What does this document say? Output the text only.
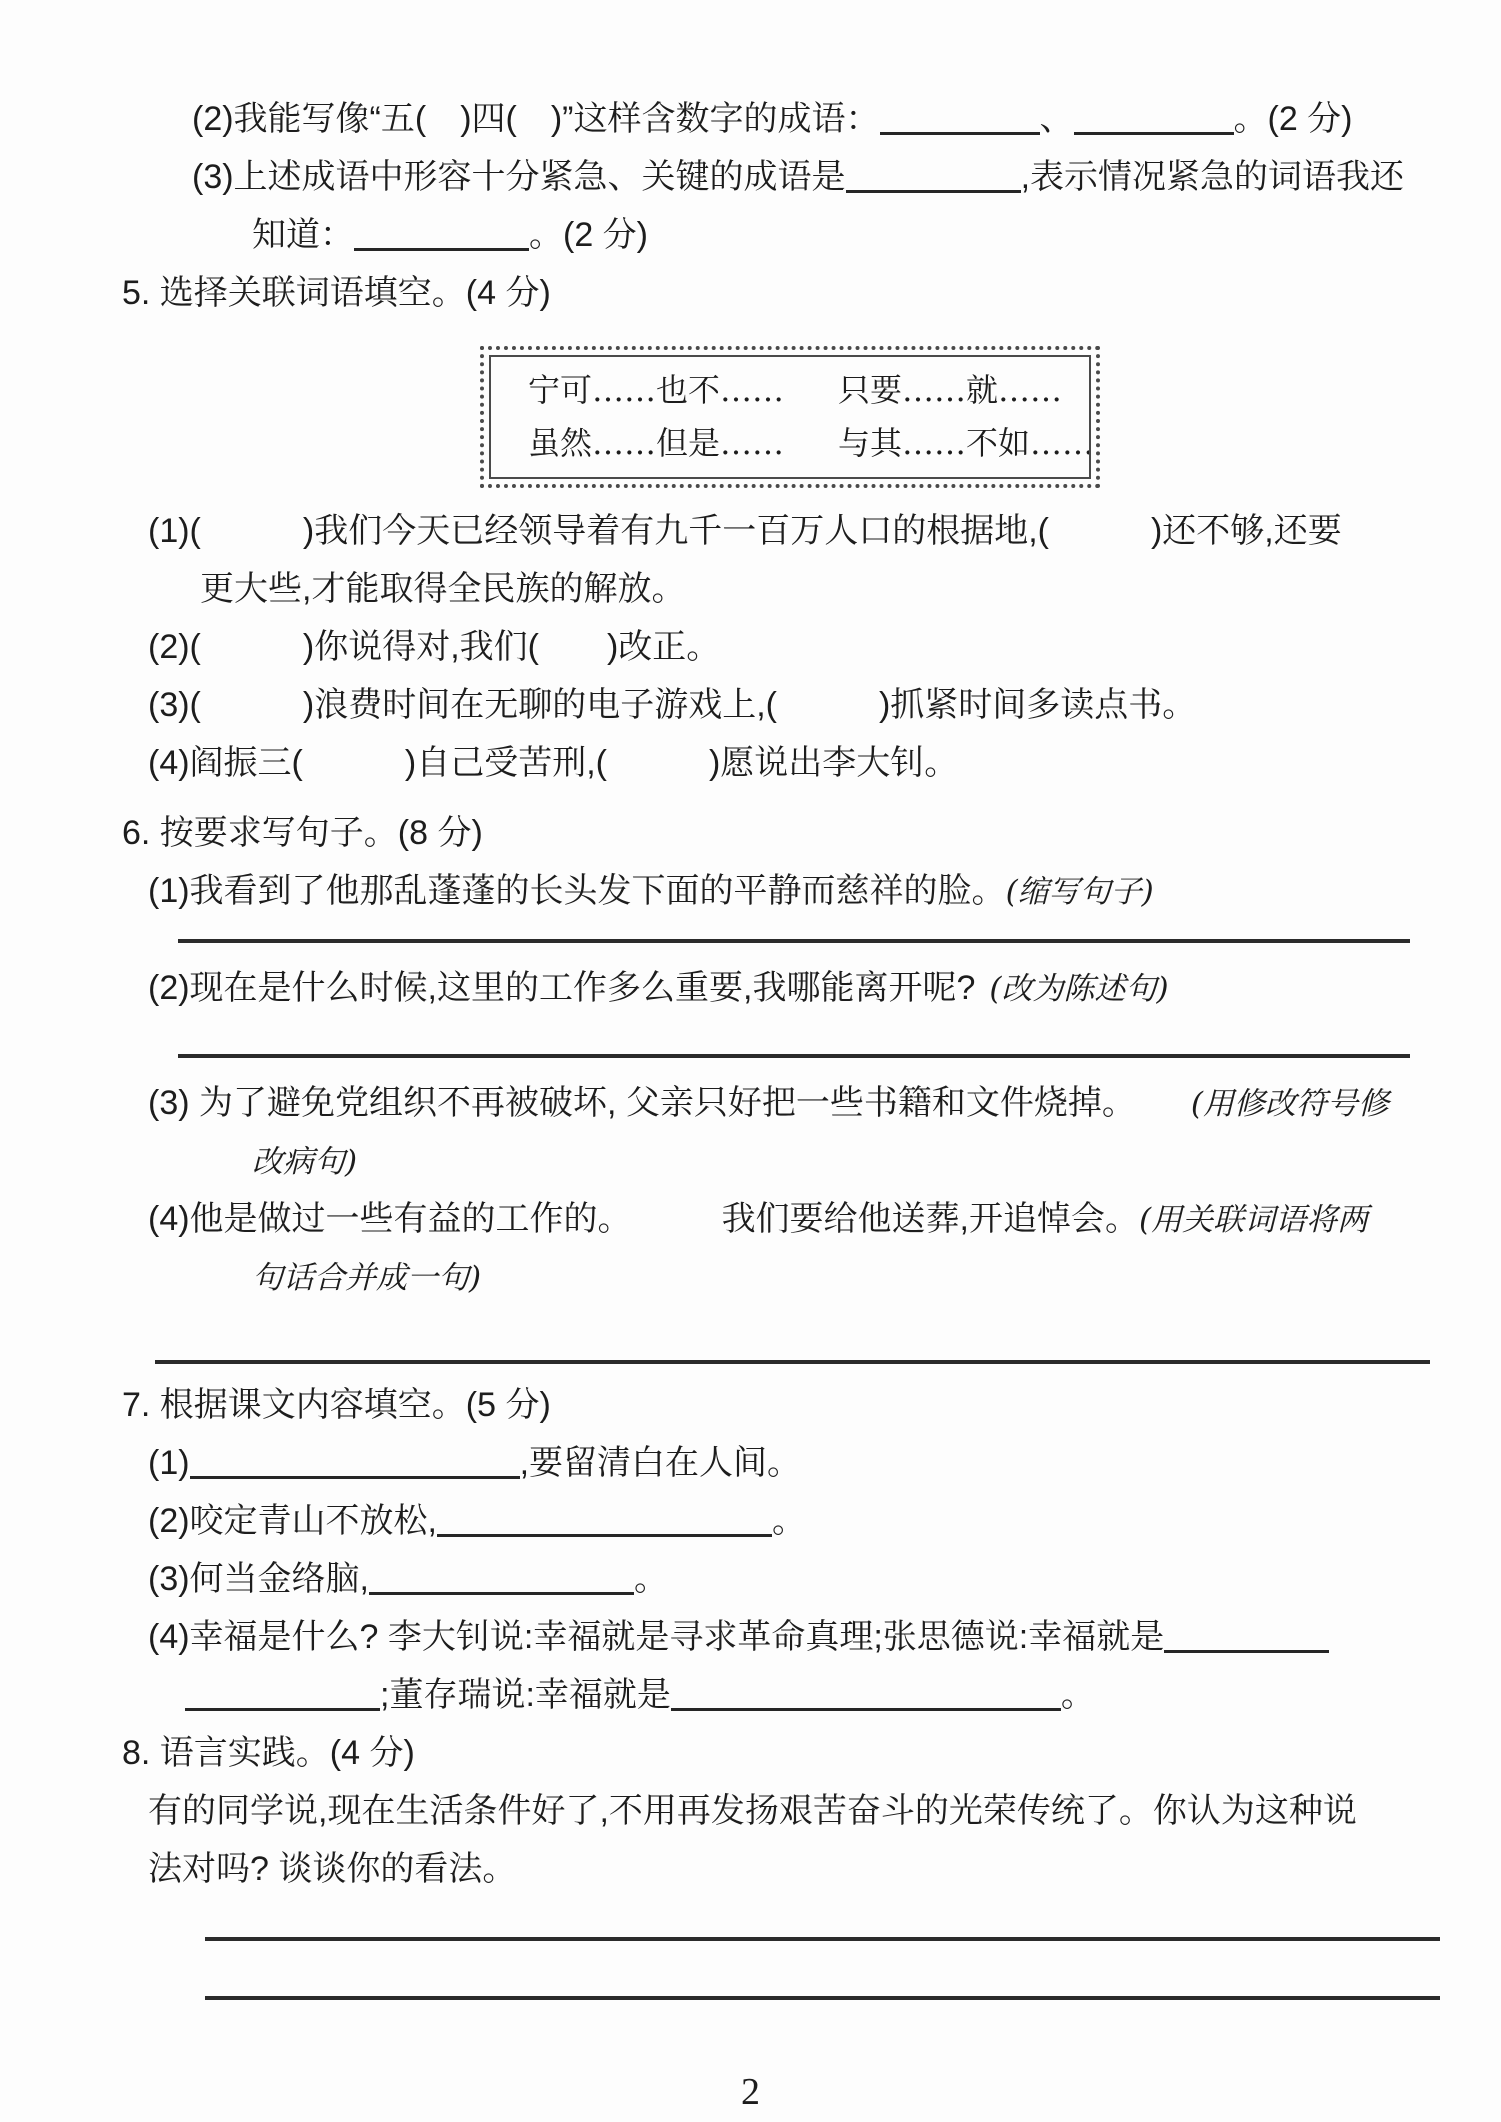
(2)我能写像“五(　)四(　)”这样含数字的成语：	、	。(2 分)
(3)上述成语中形容十分紧急、关键的成语是	,表示情况紧急的词语我还
知道：	。(2 分)
5. 选择关联词语填空。(4 分)
宁可……也不……	只要……就……
虽然……但是……	与其……不如……
(1)(　　　)我们今天已经领导着有九千一百万人口的根据地,(　　　)还不够,还要
更大些,才能取得全民族的解放。
(2)(　　　)你说得对,我们(　　)改正。
(3)(　　　)浪费时间在无聊的电子游戏上,(　　　)抓紧时间多读点书。
(4)阎振三(　　　)自己受苦刑,(　　　)愿说出李大钊。
6. 按要求写句子。(8 分)
(1)我看到了他那乱蓬蓬的长头发下面的平静而慈祥的脸。(缩写句子)
(2)现在是什么时候,这里的工作多么重要,我哪能离开呢? (改为陈述句)
(3) 为了避免党组织不再被破坏, 父亲只好把一些书籍和文件烧掉。 (用修改符号修
改病句)
(4)他是做过一些有益的工作的。	我们要给他送葬,开追悼会。(用关联词语将两
句话合并成一句)
7. 根据课文内容填空。(5 分)
(1)	,要留清白在人间。
(2)咬定青山不放松,	。
(3)何当金络脑,	。
(4)幸福是什么? 李大钊说:幸福就是寻求革命真理;张思德说:幸福就是
;董存瑞说:幸福就是	。
8. 语言实践。(4 分)
有的同学说,现在生活条件好了,不用再发扬艰苦奋斗的光荣传统了。你认为这种说
法对吗? 谈谈你的看法。
2
